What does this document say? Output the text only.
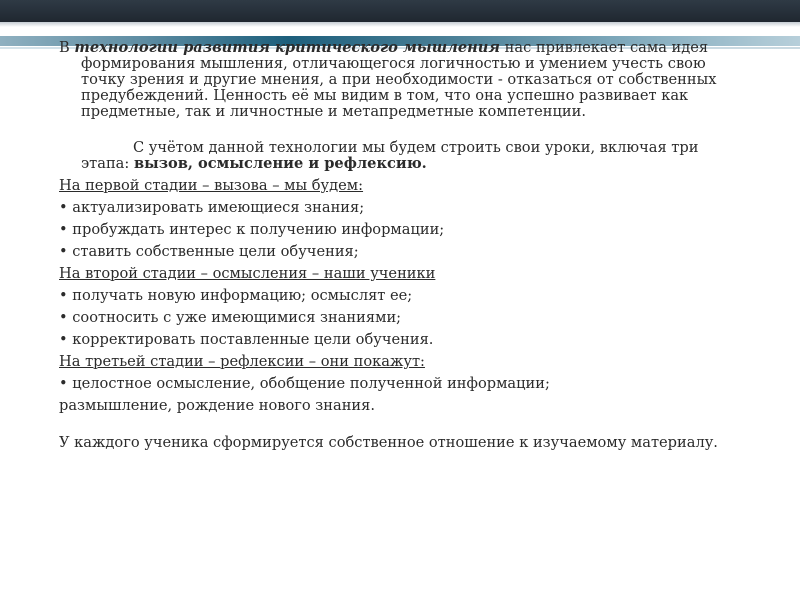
В технологии развития критического мышления нас привлекает сама идея формирования мышления, отличающегося логичностью и умением учесть свою точку зрения и другие мнения, а при необходимости - отказаться от собственных предубеждений. Ценность её мы видим в том, что она успешно развивает как предметные, так и личностные и метапредметные компетенции.

С учётом данной технологии мы будем строить свои уроки, включая три
этапа: вызов, осмысление и рефлексию.

На первой стадии – вызова – мы будем:
• актуализировать имеющиеся знания;
• пробуждать интерес к получению информации;
• ставить собственные цели обучения;
На второй стадии – осмысления – наши ученики
• получать новую информацию; осмыслят ее;
• соотносить с уже имеющимися знаниями;
• корректировать поставленные цели обучения.
На третьей стадии – рефлексии – они покажут:
• целостное осмысление, обобщение полученной информации;
размышление, рождение нового знания.

У каждого ученика сформируется собственное отношение к изучаемому материалу.
